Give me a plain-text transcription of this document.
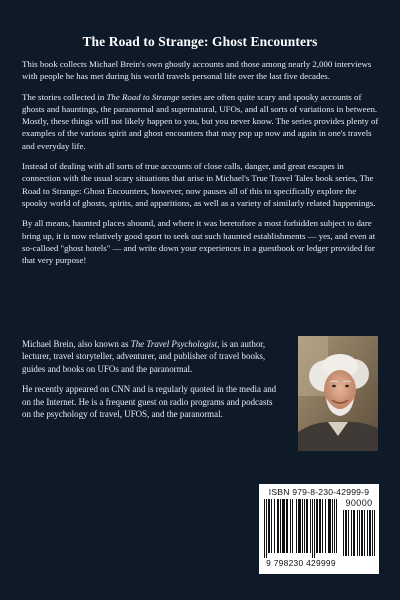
The Road to Strange: Ghost Encounters

This book collects Michael Brein's own ghostly accounts and those among nearly 2,000 interviews with people he has met during his world travels personal life over the last five decades.

The stories collected in The Road to Strange series are often quite scary and spooky accounts of ghosts and hauntings, the paranormal and supernatural, UFOs, and all sorts of variations in between. Mostly, these things will not likely happen to you, but you never know. The series provides plenty of examples of the various spirit and ghost encounters that may pop up now and again in one's travels and everyday life.

Instead of dealing with all sorts of true accounts of close calls, danger, and great escapes in connection with the usual scary situations that arise in Michael's True Travel Tales book series, The Road to Strange: Ghost Encounters, however, now pauses all of this to specifically explore the spooky world of ghosts, spirits, and apparitions, as well as a variety of similarly related happenings.

By all means, haunted places abound, and where it was heretofore a most forbidden subject to dare bring up, it is now relatively good sport to seek out such haunted establishments — yes, and even at so-calloed "ghost hotels" — and write down your experiences in a guestbook or ledger provided for that very purpose!

Michael Brein, also known as The Travel Psychologist, is an author, lecturer, travel storyteller, adventurer, and publisher of travel books, guides and books on UFOs and the paranormal.

He recently appeared on CNN and is regularly quoted in the media and on the Internet. He is a frequent guest on radio programs and podcasts on the psychology of travel, UFOS, and the paranormal.

ISBN 979-8-230-42999-9
90000
9 798230 429999
